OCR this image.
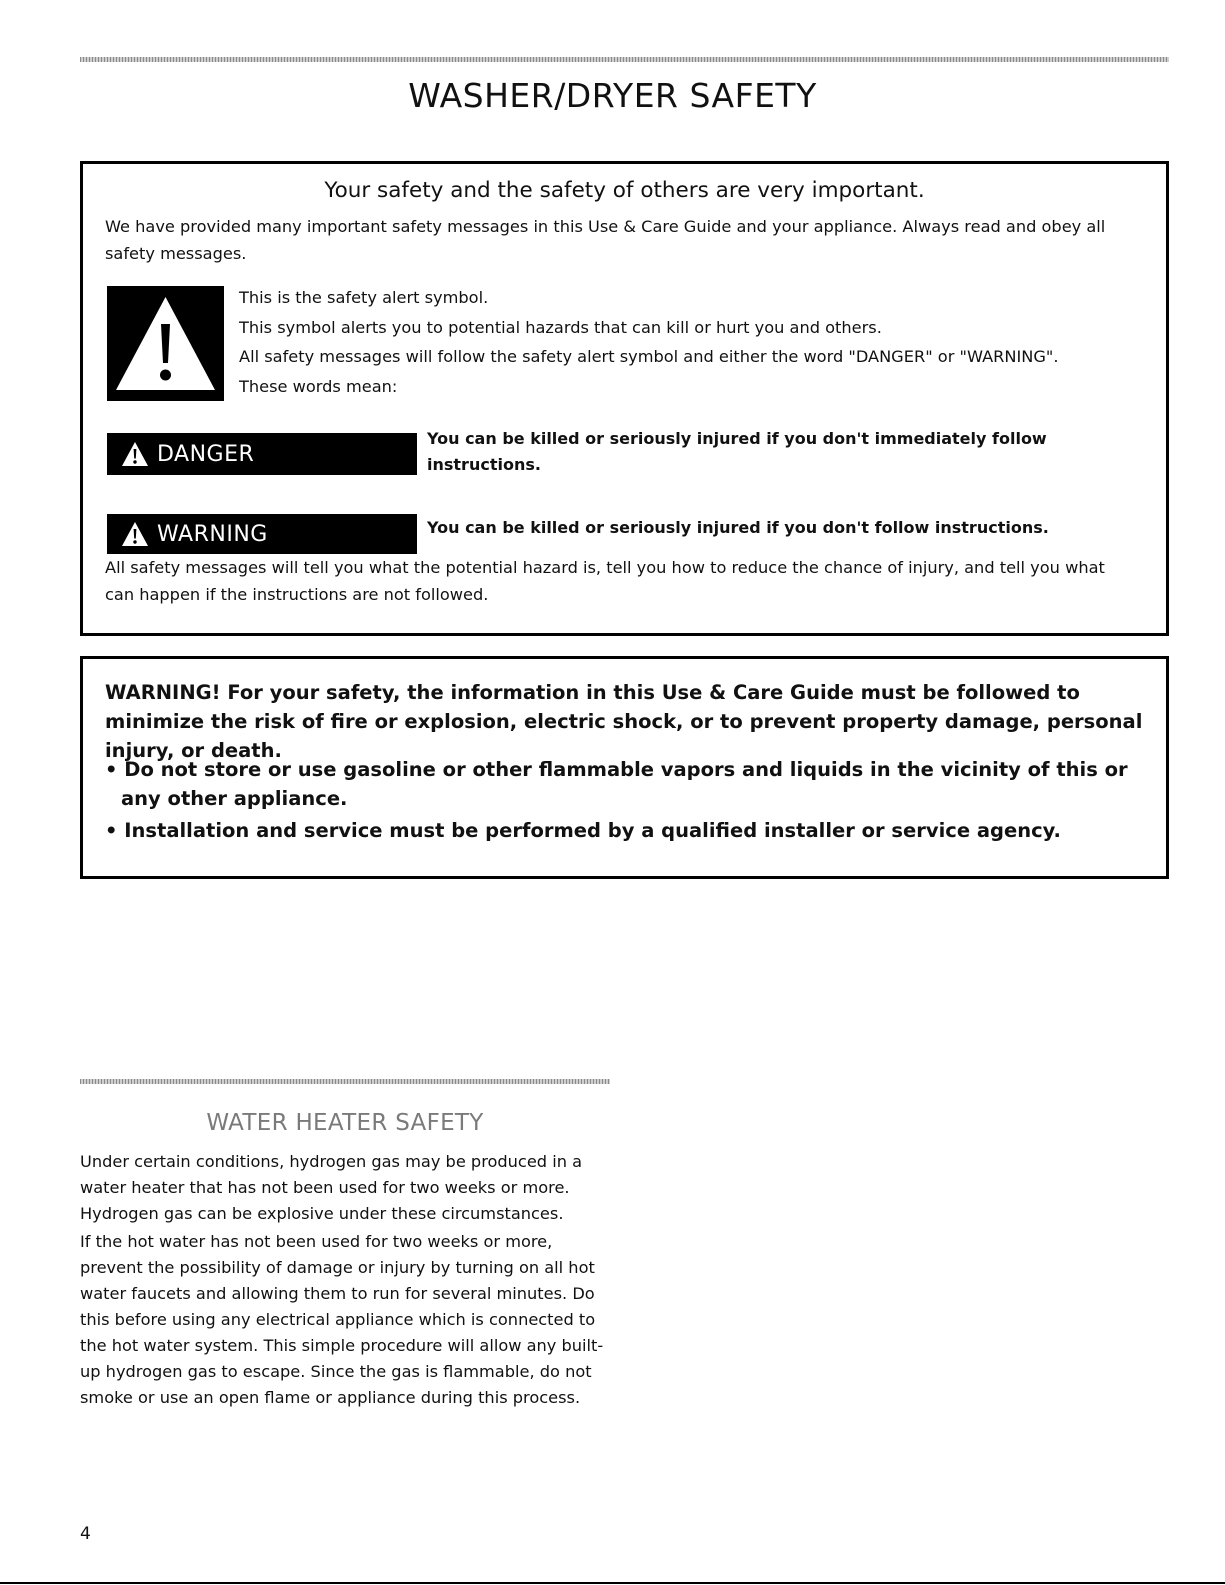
WASHER/DRYER SAFETY
Your safety and the safety of others are very important.

We have provided many important safety messages in this Use & Care Guide and your appliance. Always read and obey all safety messages.

This is the safety alert symbol.
This symbol alerts you to potential hazards that can kill or hurt you and others.
All safety messages will follow the safety alert symbol and either the word "DANGER" or "WARNING".
These words mean:
DANGER

You can be killed or seriously injured if you don't immediately follow instructions.

WARNING	You can be killed or seriously injured if you don't follow instructions.

All safety messages will tell you what the potential hazard is, tell you how to reduce the chance of injury, and tell you what can happen if the instructions are not followed.

WARNING! For your safety, the information in this Use & Care Guide must be followed to minimize the risk of fire or explosion, electric shock, or to prevent property damage, personal injury, or death.

• Do not store or use gasoline or other flammable vapors and liquids in the vicinity of this or any other appliance.

• Installation and service must be performed by a qualified installer or service agency.

WATER HEATER SAFETY

Under certain conditions, hydrogen gas may be produced in a water heater that has not been used for two weeks or more. Hydrogen gas can be explosive under these circumstances.

If the hot water has not been used for two weeks or more, prevent the possibility of damage or injury by turning on all hot water faucets and allowing them to run for several minutes. Do this before using any electrical appliance which is connected to the hot water system. This simple procedure will allow any built-up hydrogen gas to escape. Since the gas is flammable, do not smoke or use an open flame or appliance during this process.

4
